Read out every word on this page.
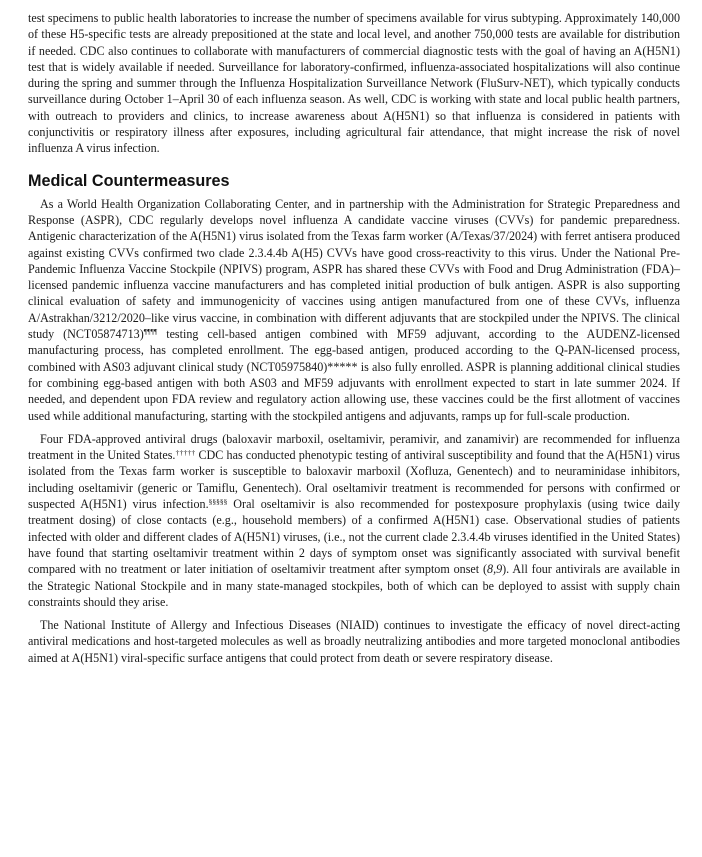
test specimens to public health laboratories to increase the number of specimens available for virus subtyping. Approximately 140,000 of these H5-specific tests are already prepositioned at the state and local level, and another 750,000 tests are available for distribution if needed. CDC also continues to collaborate with manufacturers of commercial diagnostic tests with the goal of having an A(H5N1) test that is widely available if needed. Surveillance for laboratory-confirmed, influenza-associated hospitalizations will also continue during the spring and summer through the Influenza Hospitalization Surveillance Network (FluSurv-NET), which typically conducts surveillance during October 1–April 30 of each influenza season. As well, CDC is working with state and local public health partners, with outreach to providers and clinics, to increase awareness about A(H5N1) so that influenza is considered in patients with conjunctivitis or respiratory illness after exposures, including agricultural fair attendance, that might increase the risk of novel influenza A virus infection.

Medical Countermeasures

As a World Health Organization Collaborating Center, and in partnership with the Administration for Strategic Preparedness and Response (ASPR), CDC regularly develops novel influenza A candidate vaccine viruses (CVVs) for pandemic preparedness. Antigenic characterization of the A(H5N1) virus isolated from the Texas farm worker (A/Texas/37/2024) with ferret antisera produced against existing CVVs confirmed two clade 2.3.4.4b A(H5) CVVs have good cross-reactivity to this virus. Under the National Pre-Pandemic Influenza Vaccine Stockpile (NPIVS) program, ASPR has shared these CVVs with Food and Drug Administration (FDA)–licensed pandemic influenza vaccine manufacturers and has completed initial production of bulk antigen. ASPR is also supporting clinical evaluation of safety and immunogenicity of vaccines using antigen manufactured from one of these CVVs, influenza A/Astrakhan/3212/2020–like virus vaccine, in combination with different adjuvants that are stockpiled under the NPIVS. The clinical study (NCT05874713)¶¶¶¶ testing cell-based antigen combined with MF59 adjuvant, according to the AUDENZ-licensed manufacturing process, has completed enrollment. The egg-based antigen, produced according to the Q-PAN-licensed process, combined with AS03 adjuvant clinical study (NCT05975840)***** is also fully enrolled. ASPR is planning additional clinical studies for combining egg-based antigen with both AS03 and MF59 adjuvants with enrollment expected to start in late summer 2024. If needed, and dependent upon FDA review and regulatory action allowing use, these vaccines could be the first allotment of vaccines used while additional manufacturing, starting with the stockpiled antigens and adjuvants, ramps up for full-scale production.

Four FDA-approved antiviral drugs (baloxavir marboxil, oseltamivir, peramivir, and zanamivir) are recommended for influenza treatment in the United States.††††† CDC has conducted phenotypic testing of antiviral susceptibility and found that the A(H5N1) virus isolated from the Texas farm worker is susceptible to baloxavir marboxil (Xofluza, Genentech) and to neuraminidase inhibitors, including oseltamivir (generic or Tamiflu, Genentech). Oral oseltamivir treatment is recommended for persons with confirmed or suspected A(H5N1) virus infection.§§§§§ Oral oseltamivir is also recommended for postexposure prophylaxis (using twice daily treatment dosing) of close contacts (e.g., household members) of a confirmed A(H5N1) case. Observational studies of patients infected with older and different clades of A(H5N1) viruses, (i.e., not the current clade 2.3.4.4b viruses identified in the United States) have found that starting oseltamivir treatment within 2 days of symptom onset was significantly associated with survival benefit compared with no treatment or later initiation of oseltamivir treatment after symptom onset (8,9). All four antivirals are available in the Strategic National Stockpile and in many state-managed stockpiles, both of which can be deployed to assist with supply chain constraints should they arise.

The National Institute of Allergy and Infectious Diseases (NIAID) continues to investigate the efficacy of novel direct-acting antiviral medications and host-targeted molecules as well as broadly neutralizing antibodies and more targeted monoclonal antibodies aimed at A(H5N1) viral-specific surface antigens that could protect from death or severe respiratory disease.
